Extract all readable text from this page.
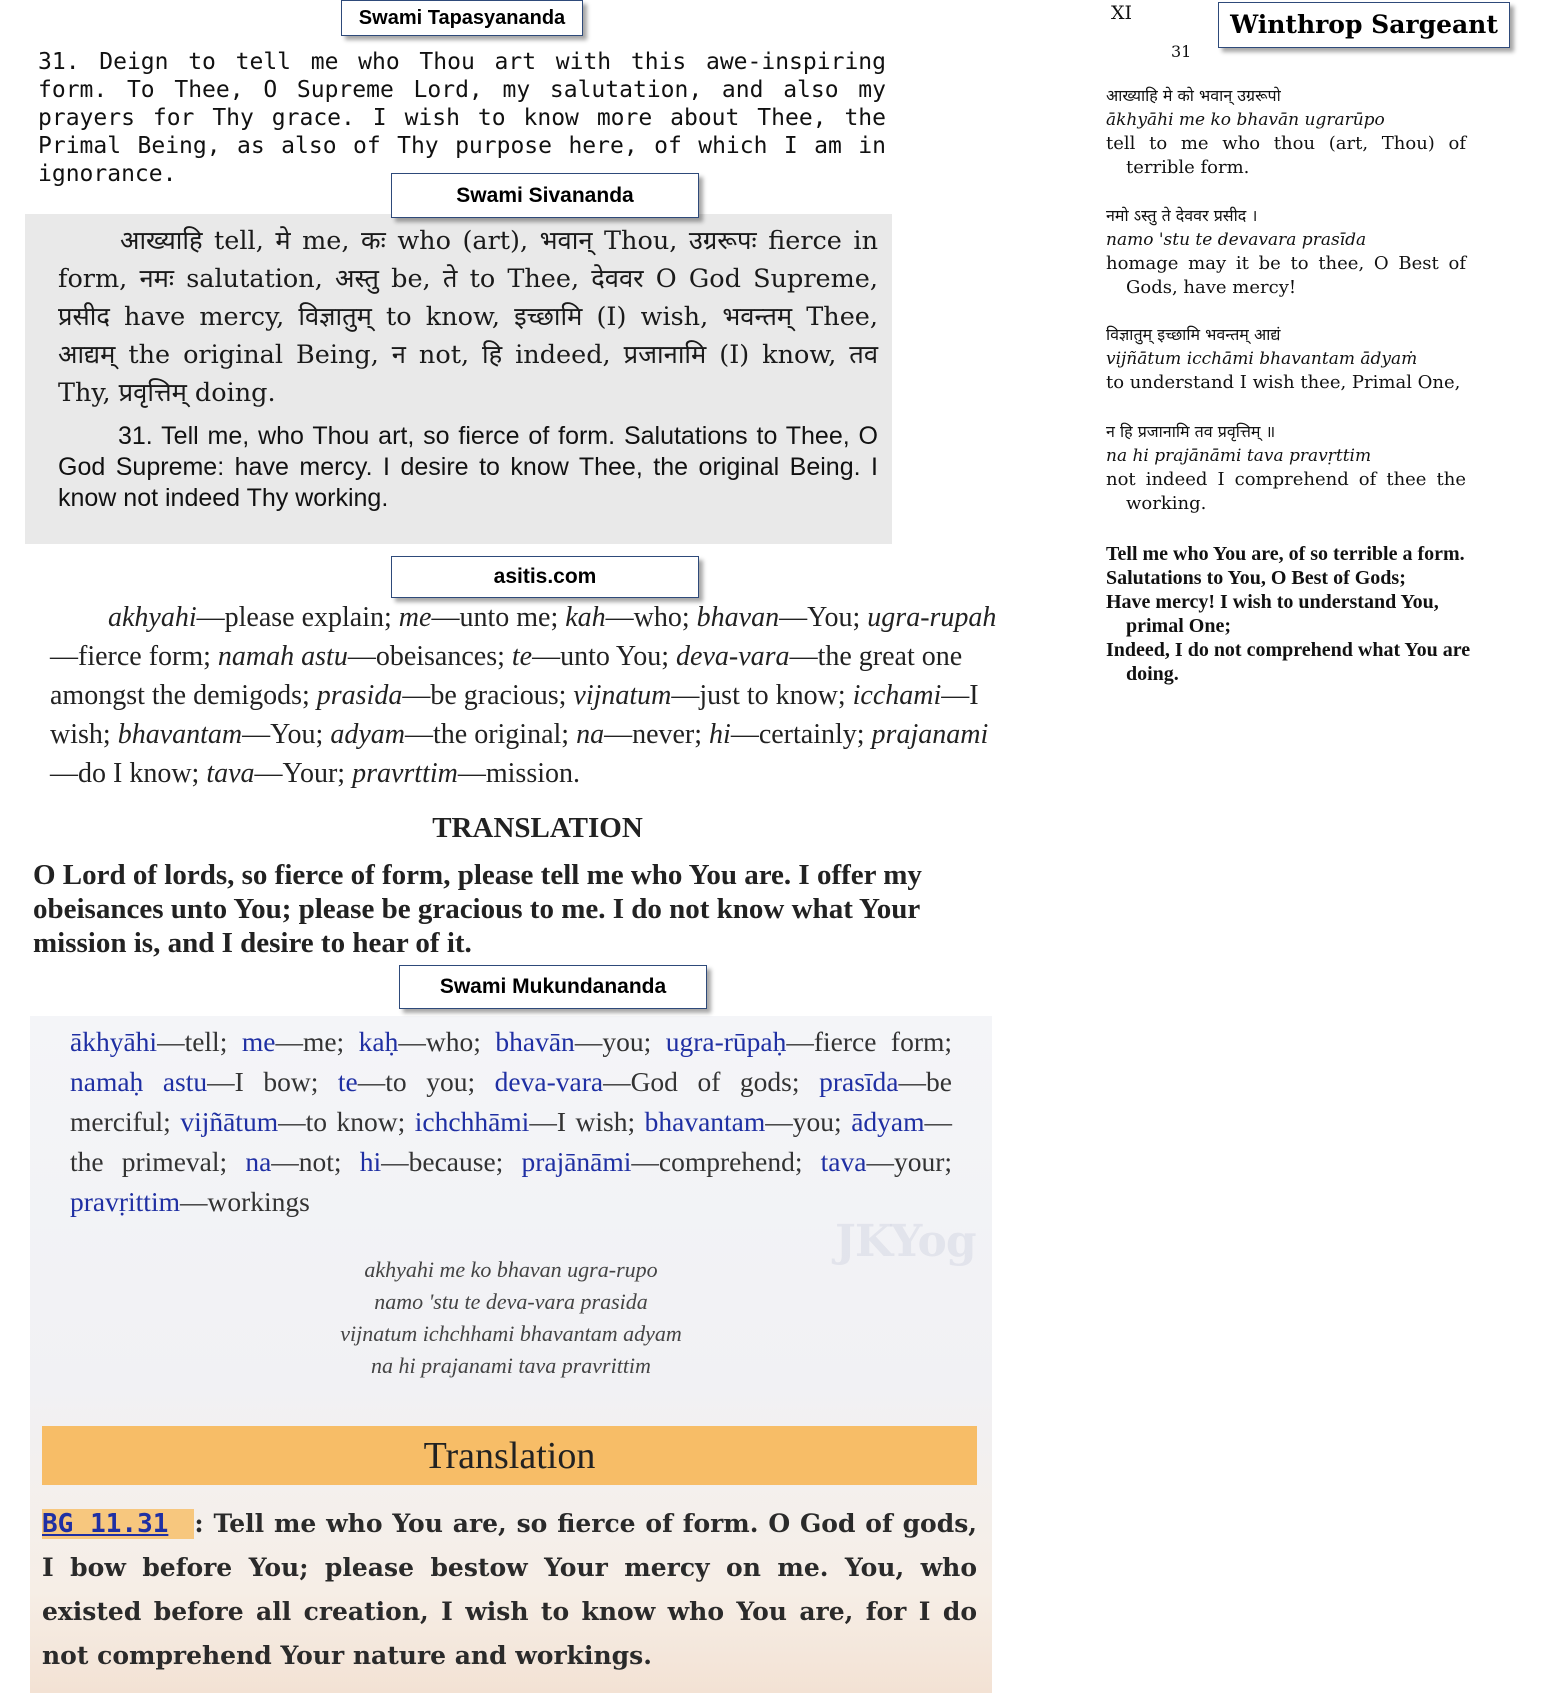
Swami Tapasyananda
31. Deign to tell me who Thou art with this awe-inspiring form. To Thee, O Supreme Lord, my salutation, and also my prayers for Thy grace. I wish to know more about Thee, the Primal Being, as also of Thy purpose here, of which I am in ignorance.
आख्याहि tell, मे me, कः who (art), भवान् Thou, उग्ररूपः fierce in form, नमः salutation, अस्तु be, ते to Thee, देववर O God Supreme, प्रसीद have mercy, विज्ञातुम् to know, इच्छामि (I) wish, भवन्तम् Thee, आद्यम् the original Being, न not, हि indeed, प्रजानामि (I) know, तव Thy, प्रवृत्तिम् doing.
31. Tell me, who Thou art, so fierce of form. Salutations to Thee, O God Supreme: have mercy. I desire to know Thee, the original Being. I know not indeed Thy working.
Swami Sivananda
asitis.com
akhyahi—please explain; me—unto me; kah—who; bhavan—You; ugra-rupah—fierce form; namah astu—obeisances; te—unto You; deva-vara—the great one amongst the demigods; prasida—be gracious; vijnatum—just to know; icchami—I wish; bhavantam—You; adyam—the original; na—never; hi—certainly; prajanami—do I know; tava—Your; pravrttim—mission.
TRANSLATION
O Lord of lords, so fierce of form, please tell me who You are. I offer my obeisances unto You; please be gracious to me. I do not know what Your mission is, and I desire to hear of it.
JKYog
ākhyāhi—tell; me—me; kaḥ—who; bhavān—you; ugra-rūpaḥ—fierce form; namaḥ astu—I bow; te—to you; deva-vara—God of gods; prasīda—be merciful; vijñātum—to know; ichchhāmi—I wish; bhavantam—you; ādyam—the primeval; na—not; hi—because; prajānāmi—comprehend; tava—your; pravṛittim—workings
akhyahi me ko bhavan ugra-rupo
namo 'stu te deva-vara prasida
vijnatum ichchhami bhavantam adyam
na hi prajanami tava pravrittim
Translation
BG 11.31 : Tell me who You are, so fierce of form. O God of gods, I bow before You; please bestow Your mercy on me. You, who existed before all creation, I wish to know who You are, for I do not comprehend Your nature and workings.
Swami Mukundananda
XI
31
Winthrop Sargeant
आख्याहि मे को भवान् उग्ररूपो
ākhyāhi me ko bhavān ugrarūpo
tell to me who thou (art, Thou) of terrible form.
नमो ऽस्तु ते देववर प्रसीद ।
namo 'stu te devavara prasīda
homage may it be to thee, O Best of Gods, have mercy!
विज्ञातुम् इच्छामि भवन्तम् आद्यं
vijñātum icchāmi bhavantam ādyaṁ
to understand I wish thee, Primal One,
न हि प्रजानामि तव प्रवृत्तिम् ॥
na hi prajānāmi tava pravṛttim
not indeed I comprehend of thee the working.
Tell me who You are, of so terrible a form.
Salutations to You, O Best of Gods;
Have mercy! I wish to understand You, primal One;
Indeed, I do not comprehend what You are doing.
